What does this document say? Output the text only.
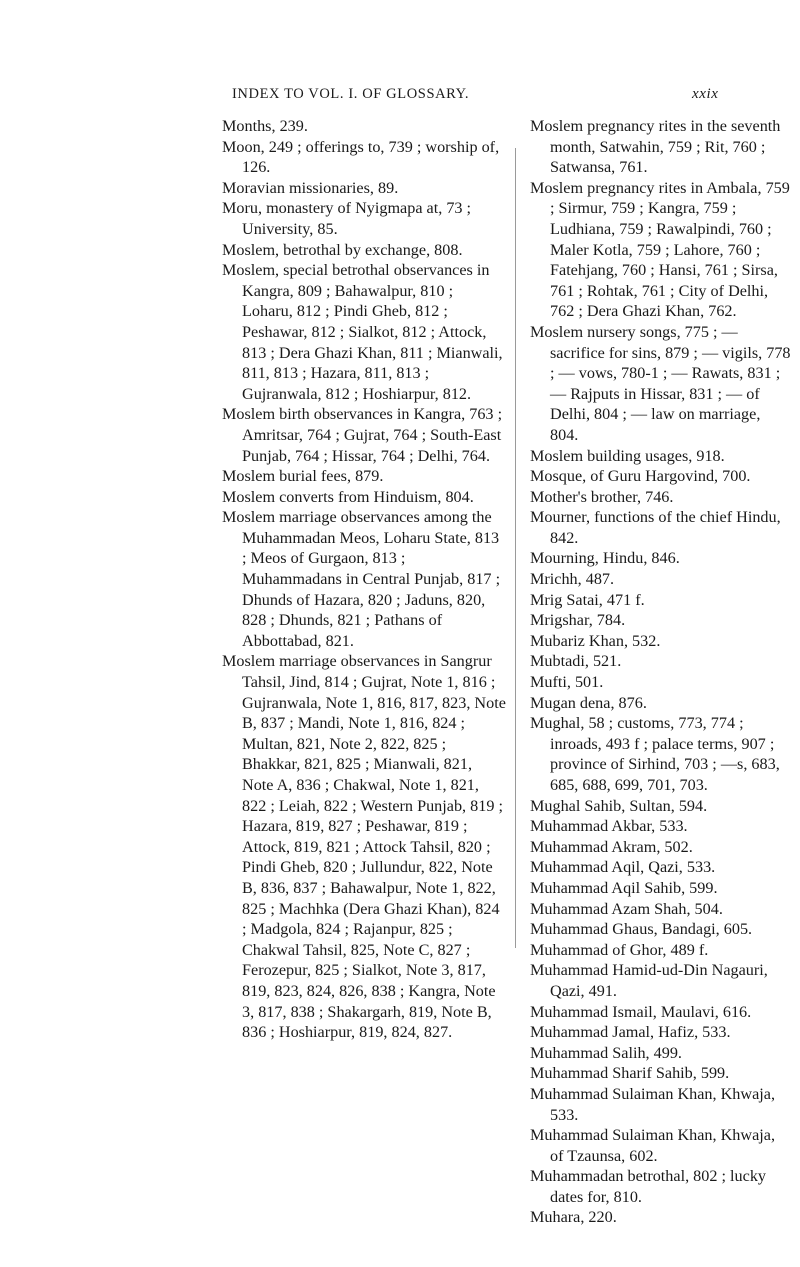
INDEX TO VOL. I. OF GLOSSARY.	xxix

Months, 239.

Moon, 249 ; offerings to, 739 ; worship of, 126.

Moravian missionaries, 89.

Moru, monastery of Nyigmapa at, 73 ; University, 85.

Moslem, betrothal by exchange, 808.

Moslem, special betrothal observances in Kangra, 809 ; Bahawalpur, 810 ; Loharu, 812 ; Pindi Gheb, 812 ; Peshawar, 812 ; Sialkot, 812 ; Attock, 813 ; Dera Ghazi Khan, 811 ; Mianwali, 811, 813 ; Hazara, 811, 813 ; Gujranwala, 812 ; Hoshiarpur, 812.

Moslem birth observances in Kangra, 763 ; Amritsar, 764 ; Gujrat, 764 ; South-East Punjab, 764 ; Hissar, 764 ; Delhi, 764.

Moslem burial fees, 879.

Moslem converts from Hinduism, 804.

Moslem marriage observances among the Muhammadan Meos, Loharu State, 813 ; Meos of Gurgaon, 813 ; Muhammadans in Central Punjab, 817 ; Dhunds of Hazara, 820 ; Jaduns, 820, 828 ; Dhunds, 821 ; Pathans of Abbottabad, 821.

Moslem marriage observances in Sangrur Tahsil, Jind, 814 ; Gujrat, Note 1, 816 ; Gujranwala, Note 1, 816, 817, 823, Note B, 837 ; Mandi, Note 1, 816, 824 ; Multan, 821, Note 2, 822, 825 ; Bhakkar, 821, 825 ; Mianwali, 821, Note A, 836 ; Chakwal, Note 1, 821, 822 ; Leiah, 822 ; Western Punjab, 819 ; Hazara, 819, 827 ; Peshawar, 819 ; Attock, 819, 821 ; Attock Tahsil, 820 ; Pindi Gheb, 820 ; Jullundur, 822, Note B, 836, 837 ; Bahawalpur, Note 1, 822, 825 ; Machhka (Dera Ghazi Khan), 824 ; Madgola, 824 ; Rajanpur, 825 ; Chakwal Tahsil, 825, Note C, 827 ; Ferozepur, 825 ; Sialkot, Note 3, 817, 819, 823, 824, 826, 838 ; Kangra, Note 3, 817, 838 ; Shakargarh, 819, Note B, 836 ; Hoshiarpur, 819, 824, 827.

Moslem pregnancy rites in the seventh month, Satwahin, 759 ; Rit, 760 ; Satwansa, 761.

Moslem pregnancy rites in Ambala, 759 ; Sirmur, 759 ; Kangra, 759 ; Ludhiana, 759 ; Rawalpindi, 760 ; Maler Kotla, 759 ; Lahore, 760 ; Fatehjang, 760 ; Hansi, 761 ; Sirsa, 761 ; Rohtak, 761 ; City of Delhi, 762 ; Dera Ghazi Khan, 762.

Moslem nursery songs, 775 ; — sacrifice for sins, 879 ; — vigils, 778 ; — vows, 780-1 ; — Rawats, 831 ; — Rajputs in Hissar, 831 ; — of Delhi, 804 ; — law on marriage, 804.

Moslem building usages, 918.

Mosque, of Guru Hargovind, 700.

Mother's brother, 746.

Mourner, functions of the chief Hindu, 842.

Mourning, Hindu, 846.

Mrichh, 487.

Mrig Satai, 471 f.

Mrigshar, 784.

Mubariz Khan, 532.

Mubtadi, 521.

Mufti, 501.

Mugan dena, 876.

Mughal, 58 ; customs, 773, 774 ; inroads, 493 f ; palace terms, 907 ; province of Sirhind, 703 ; —s, 683, 685, 688, 699, 701, 703.

Mughal Sahib, Sultan, 594.

Muhammad Akbar, 533.

Muhammad Akram, 502.

Muhammad Aqil, Qazi, 533.

Muhammad Aqil Sahib, 599.

Muhammad Azam Shah, 504.

Muhammad Ghaus, Bandagi, 605.

Muhammad of Ghor, 489 f.

Muhammad Hamid-ud-Din Nagauri, Qazi, 491.

Muhammad Ismail, Maulavi, 616.

Muhammad Jamal, Hafiz, 533.

Muhammad Salih, 499.

Muhammad Sharif Sahib, 599.

Muhammad Sulaiman Khan, Khwaja, 533.

Muhammad Sulaiman Khan, Khwaja, of Tzaunsa, 602.

Muhammadan betrothal, 802 ; lucky dates for, 810.

Muhara, 220.
